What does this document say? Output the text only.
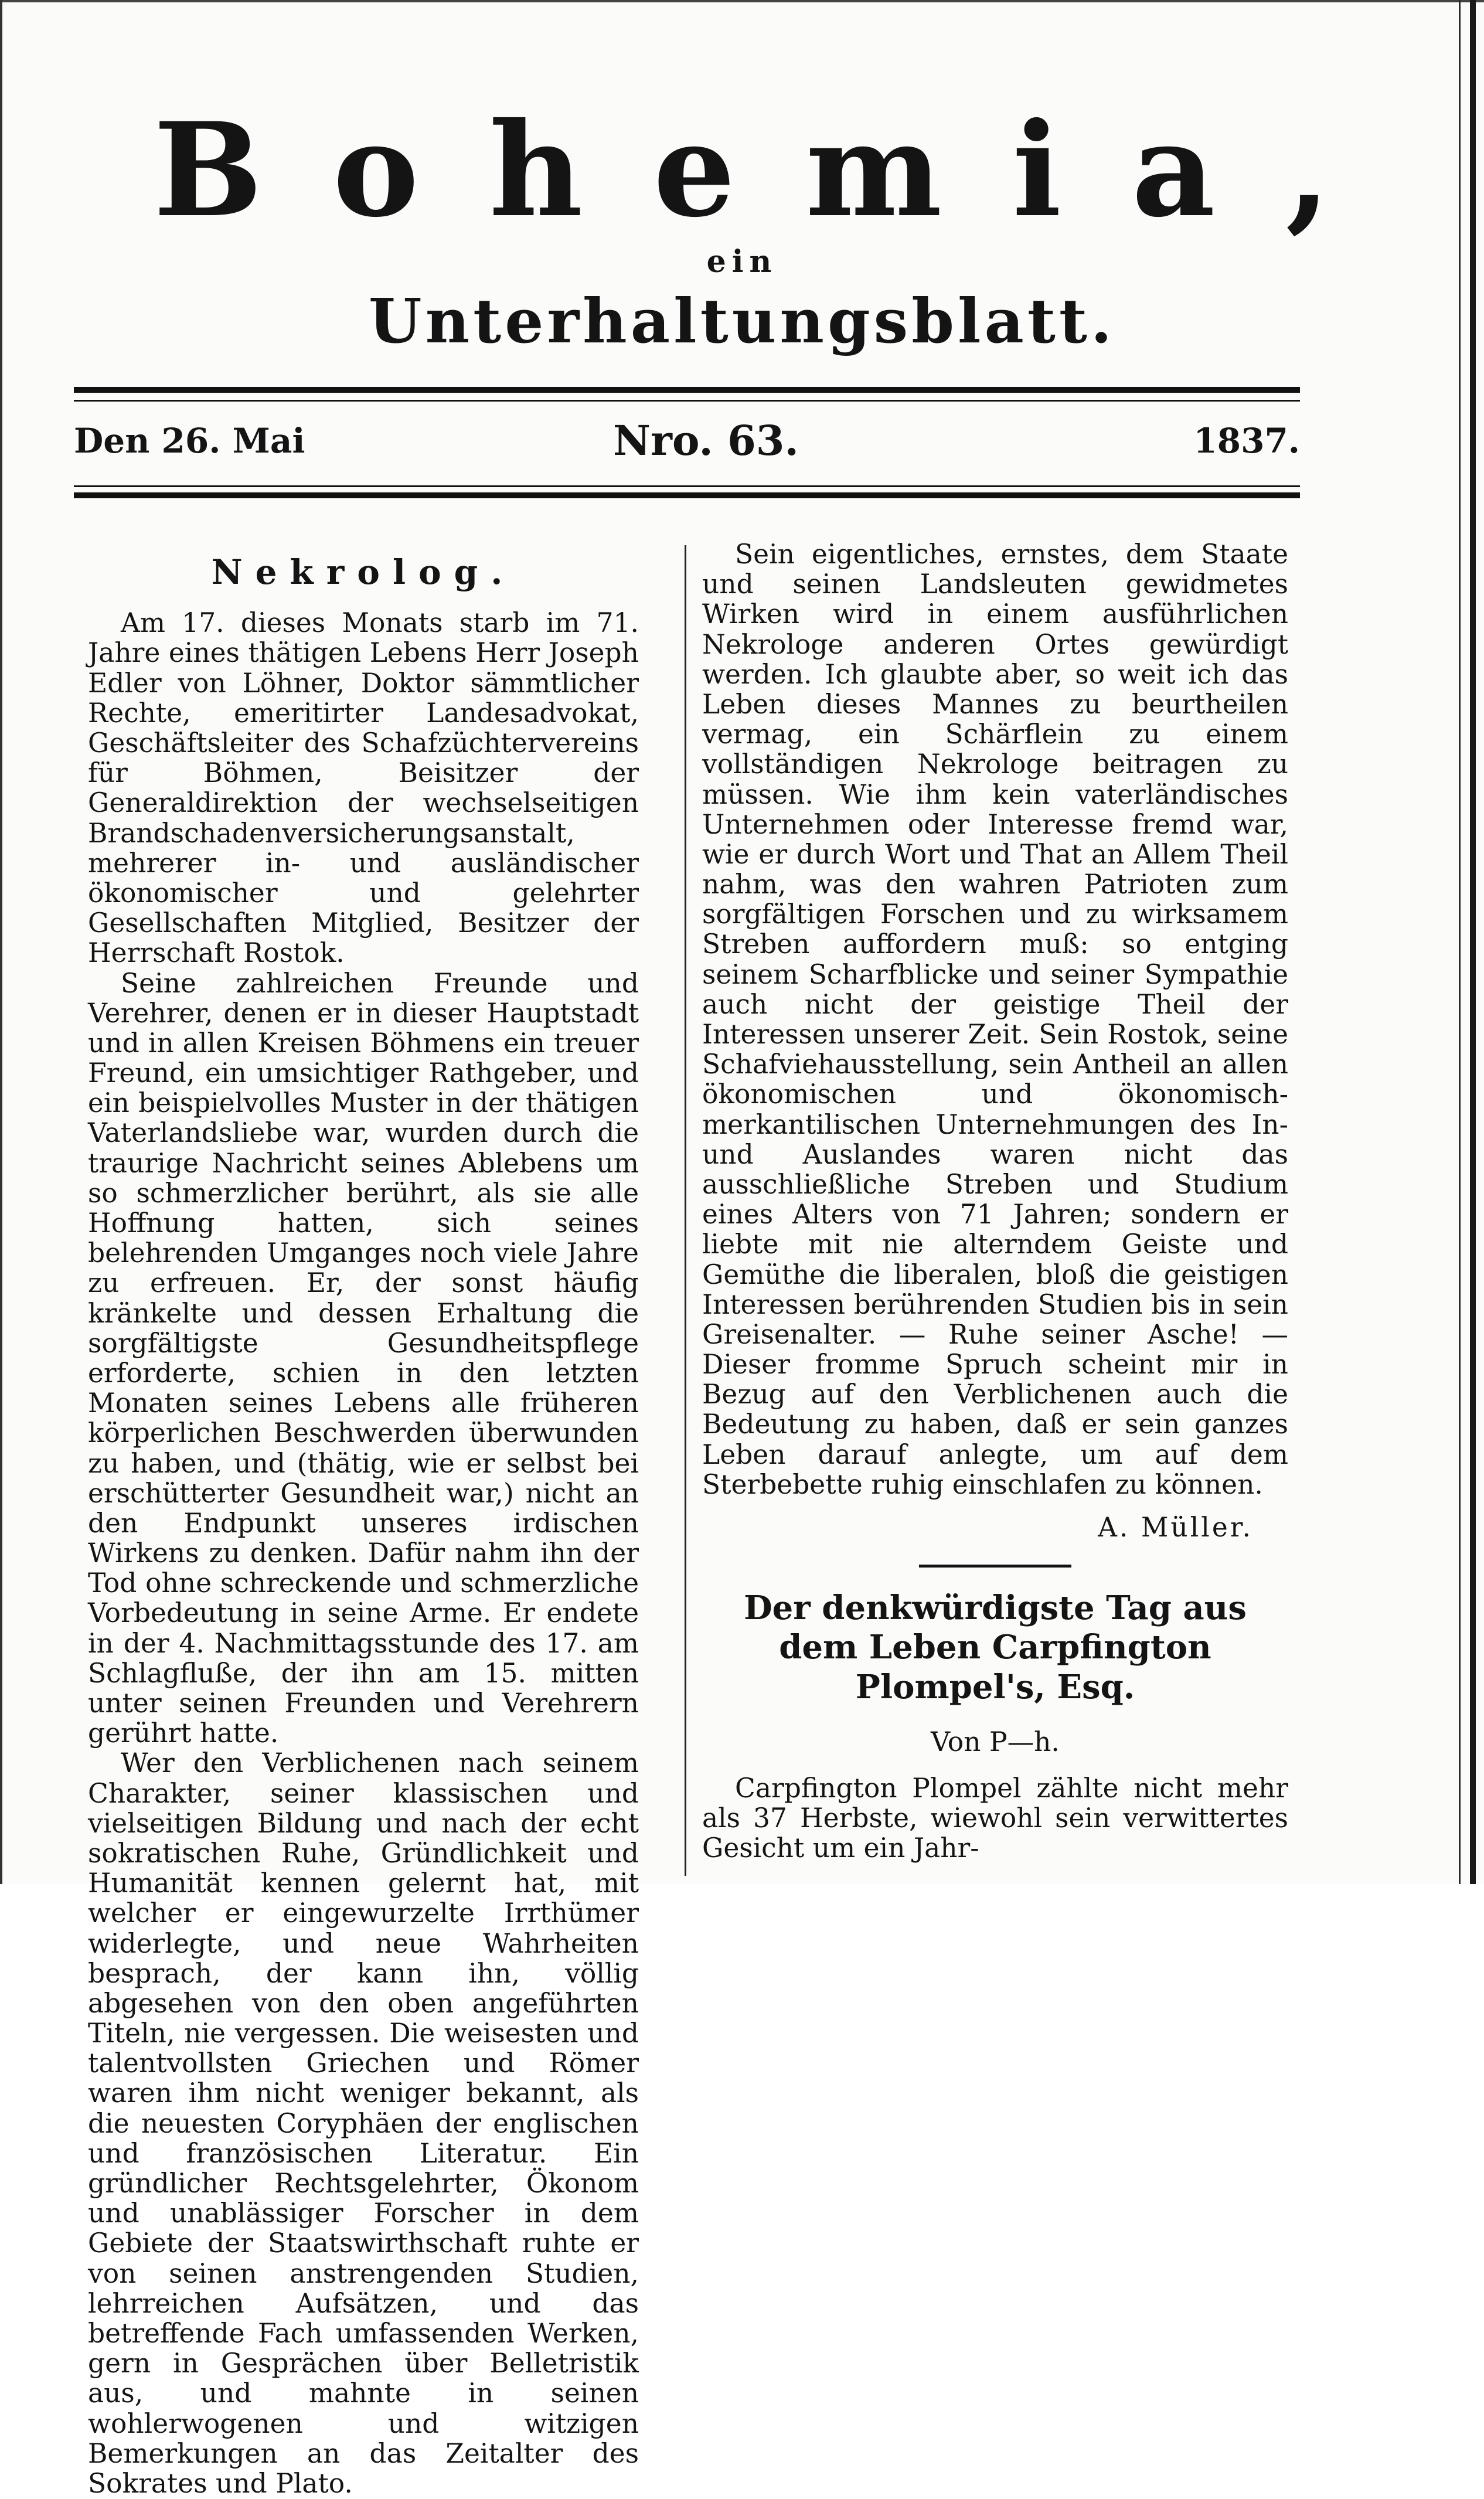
Bohemia,
ein
Unterhaltungsblatt.
Den 26. Mai	Nro. 63.	1837.
Nekrolog.

Am 17. dieses Monats starb im 71. Jahre eines thätigen Lebens Herr Joseph Edler von Löhner, Doktor sämmtlicher Rechte, emeritirter Landesadvokat, Geschäftsleiter des Schafzüchtervereins für Böhmen, Beisitzer der Generaldirektion der wechselseitigen Brandschadenversicherungsanstalt, mehrerer in- und ausländischer ökonomischer und gelehrter Gesellschaften Mitglied, Besitzer der Herrschaft Rostok.

Seine zahlreichen Freunde und Verehrer, denen er in dieser Hauptstadt und in allen Kreisen Böhmens ein treuer Freund, ein umsichtiger Rathgeber, und ein beispielvolles Muster in der thätigen Vaterlandsliebe war, wurden durch die traurige Nachricht seines Ablebens um so schmerzlicher berührt, als sie alle Hoffnung hatten, sich seines belehrenden Umganges noch viele Jahre zu erfreuen. Er, der sonst häufig kränkelte und dessen Erhaltung die sorgfältigste Gesundheitspflege erforderte, schien in den letzten Monaten seines Lebens alle früheren körperlichen Beschwerden überwunden zu haben, und (thätig, wie er selbst bei erschütterter Gesundheit war,) nicht an den Endpunkt unseres irdischen Wirkens zu denken. Dafür nahm ihn der Tod ohne schreckende und schmerzliche Vorbedeutung in seine Arme. Er endete in der 4. Nachmittagsstunde des 17. am Schlagfluße, der ihn am 15. mitten unter seinen Freunden und Verehrern gerührt hatte.

Wer den Verblichenen nach seinem Charakter, seiner klassischen und vielseitigen Bildung und nach der echt sokratischen Ruhe, Gründlichkeit und Humanität kennen gelernt hat, mit welcher er eingewurzelte Irrthümer widerlegte, und neue Wahrheiten besprach, der kann ihn, völlig abgesehen von den oben angeführten Titeln, nie vergessen. Die weisesten und talentvollsten Griechen und Römer waren ihm nicht weniger bekannt, als die neuesten Coryphäen der englischen und französischen Literatur. Ein gründlicher Rechtsgelehrter, Ökonom und unablässiger Forscher in dem Gebiete der Staatswirthschaft ruhte er von seinen anstrengenden Studien, lehrreichen Aufsätzen, und das betreffende Fach umfassenden Werken, gern in Gesprächen über Belletristik aus, und mahnte in seinen wohlerwogenen und witzigen Bemerkungen an das Zeitalter des Sokrates und Plato.

Sein eigentliches, ernstes, dem Staate und seinen Landsleuten gewidmetes Wirken wird in einem ausführlichen Nekrologe anderen Ortes gewürdigt werden. Ich glaubte aber, so weit ich das Leben dieses Mannes zu beurtheilen vermag, ein Schärflein zu einem vollständigen Nekrologe beitragen zu müssen. Wie ihm kein vaterländisches Unternehmen oder Interesse fremd war, wie er durch Wort und That an Allem Theil nahm, was den wahren Patrioten zum sorgfältigen Forschen und zu wirksamem Streben auffordern muß: so entging seinem Scharfblicke und seiner Sympathie auch nicht der geistige Theil der Interessen unserer Zeit. Sein Rostok, seine Schafviehausstellung, sein Antheil an allen ökonomischen und ökonomisch-merkantilischen Unternehmungen des In- und Auslandes waren nicht das ausschließliche Streben und Studium eines Alters von 71 Jahren; sondern er liebte mit nie alterndem Geiste und Gemüthe die liberalen, bloß die geistigen Interessen berührenden Studien bis in sein Greisenalter. — Ruhe seiner Asche! — Dieser fromme Spruch scheint mir in Bezug auf den Verblichenen auch die Bedeutung zu haben, daß er sein ganzes Leben darauf anlegte, um auf dem Sterbebette ruhig einschlafen zu können.

A. Müller.
Der denkwürdigste Tag aus dem Leben Carpfington Plompel's, Esq.
Von P—h.

Carpfington Plompel zählte nicht mehr als 37 Herbste, wiewohl sein verwittertes Gesicht um ein Jahr-
